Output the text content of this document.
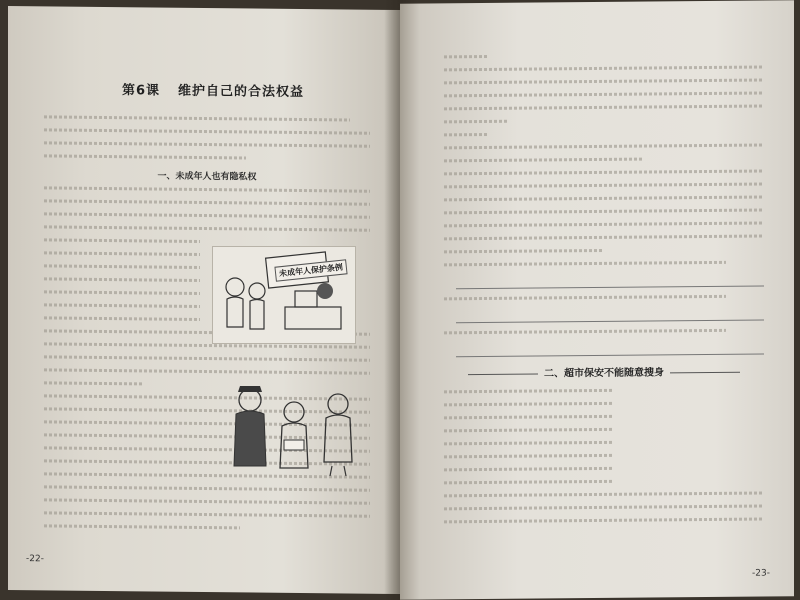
第6课 维护自己的合法权益
一、未成年人也有隐私权
-22-
未成年人保护条例
二、超市保安不能随意搜身
-23-
